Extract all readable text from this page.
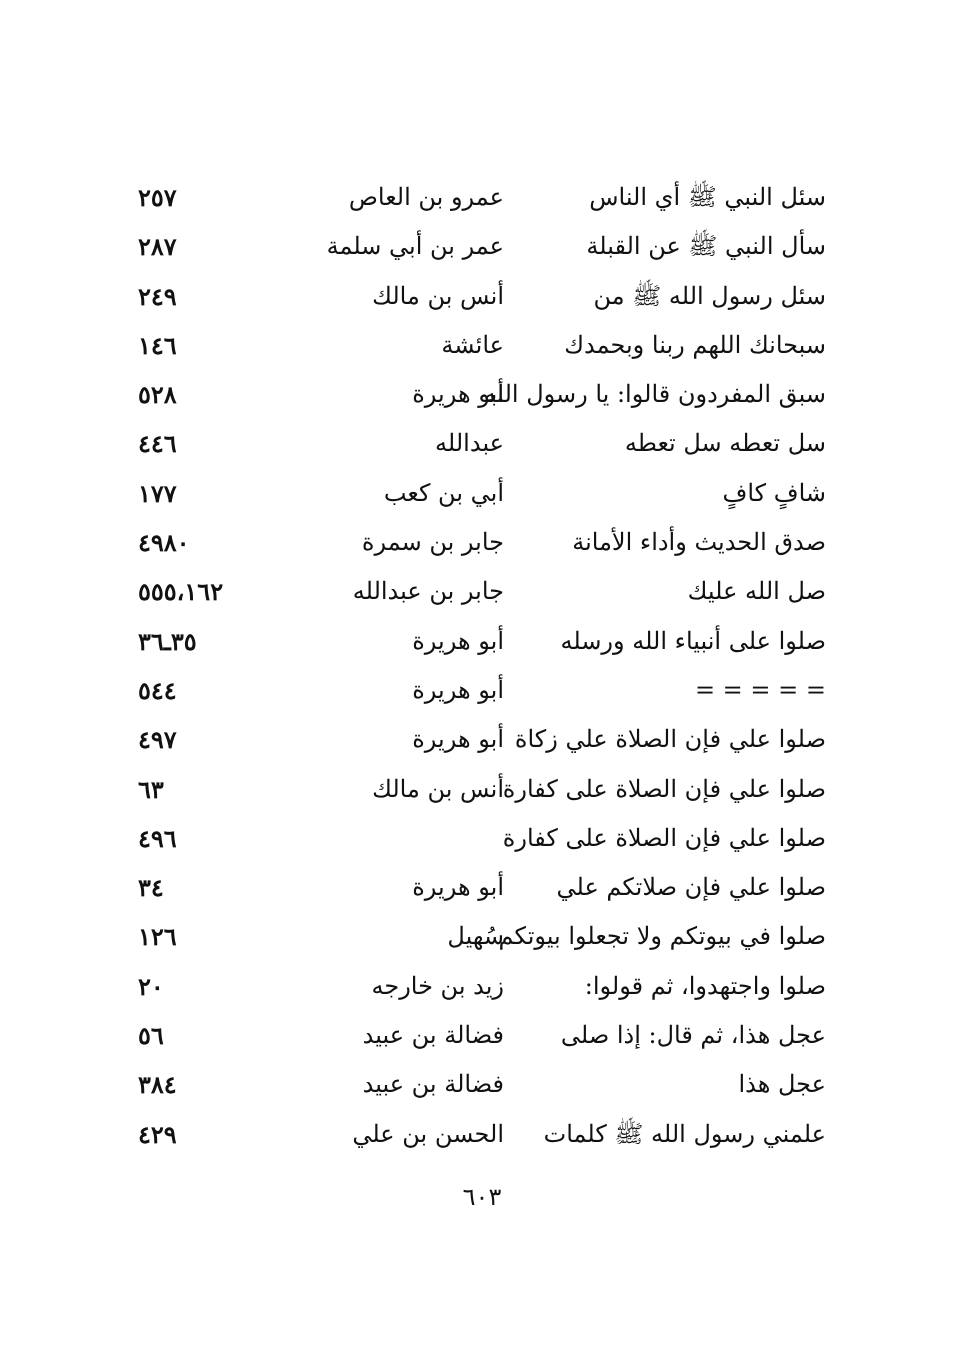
سئل النبي ﷺ أي الناس
عمرو بن العاص
٢٥٧
سأل النبي ﷺ عن القبلة
عمر بن أبي سلمة
٢٨٧
سئل رسول الله ﷺ من
أنس بن مالك
٢٤٩
سبحانك اللهم ربنا وبحمدك
عائشة
١٤٦
سبق المفردون قالوا: يا رسول الله
أبو هريرة
٥٢٨
سل تعطه سل تعطه
عبدالله
٤٤٦
شافٍ كافٍ
أبي بن كعب
١٧٧
صدق الحديث وأداء الأمانة
جابر بن سمرة
٤٩٨٠
صل الله عليك
جابر بن عبدالله
٥٥٥،١٦٢
صلوا على أنبياء الله ورسله
أبو هريرة
٣٥ـ٣٦
= = = = =
أبو هريرة
٥٤٤
صلوا علي فإن الصلاة علي زكاة
أبو هريرة
٤٩٧
صلوا علي فإن الصلاة على كفارة
أنس بن مالك
٦٣
صلوا علي فإن الصلاة على كفارة
٤٩٦
صلوا علي فإن صلاتكم علي
أبو هريرة
٣٤
صلوا في بيوتكم ولا تجعلوا بيوتكم
سُهيل
١٢٦
صلوا واجتهدوا، ثم قولوا:
زيد بن خارجه
٢٠
عجل هذا، ثم قال: إذا صلى
فضالة بن عبيد
٥٦
عجل هذا
فضالة بن عبيد
٣٨٤
علمني رسول الله ﷺ كلمات
الحسن بن علي
٤٢٩
٦٠٣
